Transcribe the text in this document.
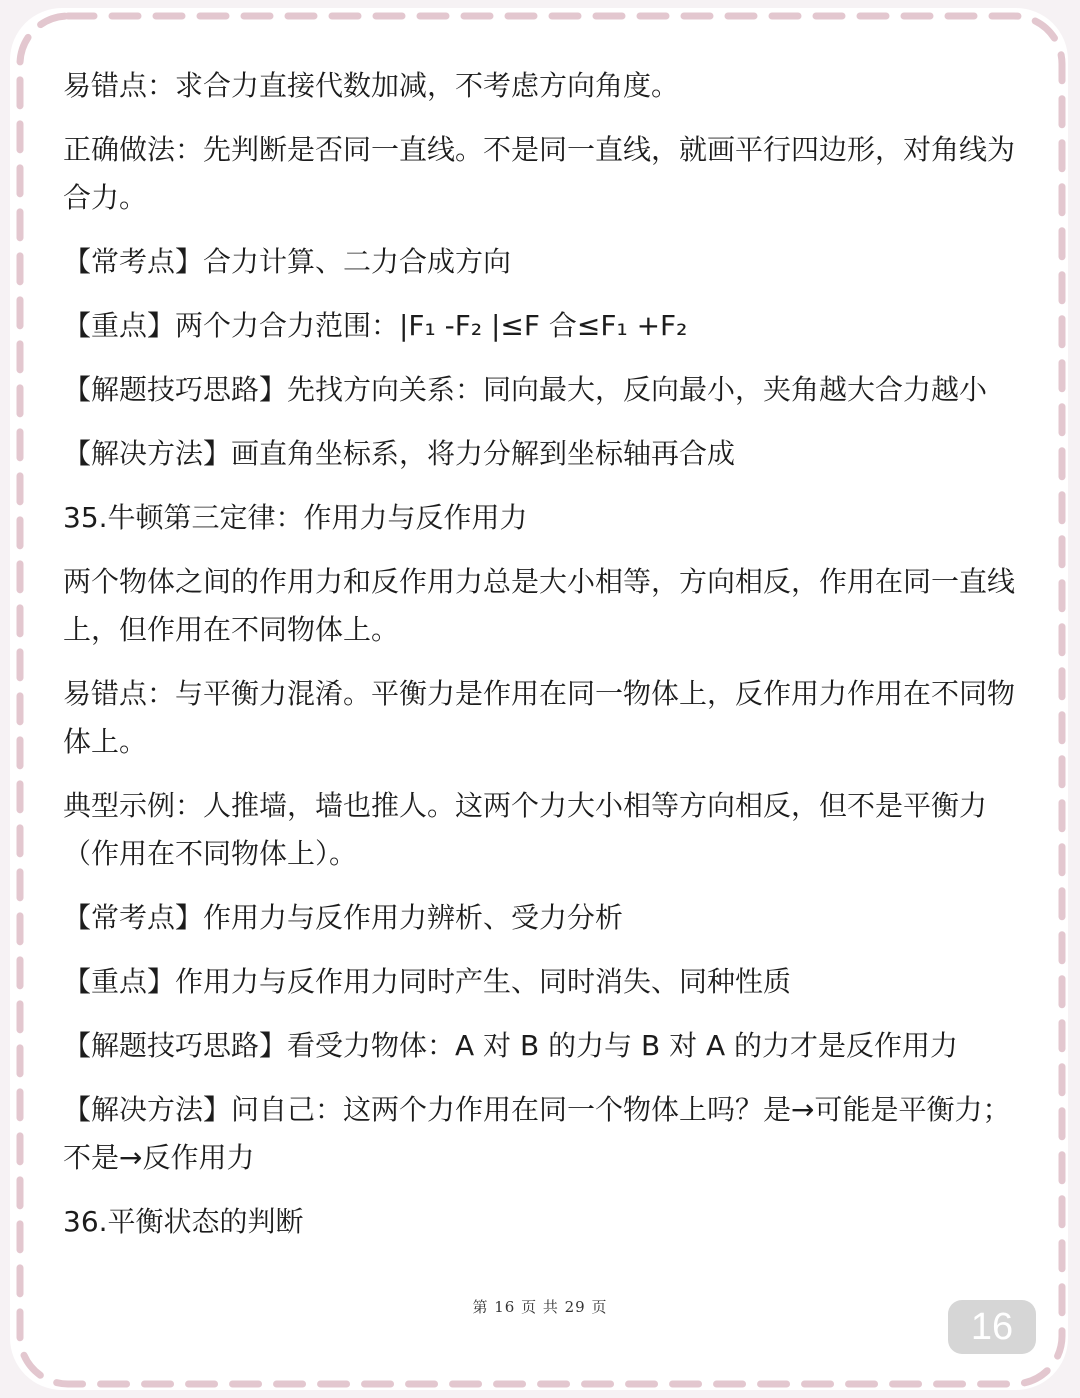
易错点：求合力直接代数加减，不考虑方向角度。

正确做法：先判断是否同一直线。不是同一直线，就画平行四边形，对角线为合力。

【常考点】合力计算、二力合成方向

【重点】两个力合力范围：|F₁ -F₂ |≤F 合≤F₁ +F₂

【解题技巧思路】先找方向关系：同向最大，反向最小，夹角越大合力越小

【解决方法】画直角坐标系，将力分解到坐标轴再合成

35.牛顿第三定律：作用力与反作用力

两个物体之间的作用力和反作用力总是大小相等，方向相反，作用在同一直线上，但作用在不同物体上。

易错点：与平衡力混淆。平衡力是作用在同一物体上，反作用力作用在不同物体上。

典型示例：人推墙，墙也推人。这两个力大小相等方向相反，但不是平衡力（作用在不同物体上）。

【常考点】作用力与反作用力辨析、受力分析

【重点】作用力与反作用力同时产生、同时消失、同种性质

【解题技巧思路】看受力物体：A 对 B 的力与 B 对 A 的力才是反作用力

【解决方法】问自己：这两个力作用在同一个物体上吗？是→可能是平衡力；不是→反作用力

36.平衡状态的判断

第 16 页 共 29 页	16
